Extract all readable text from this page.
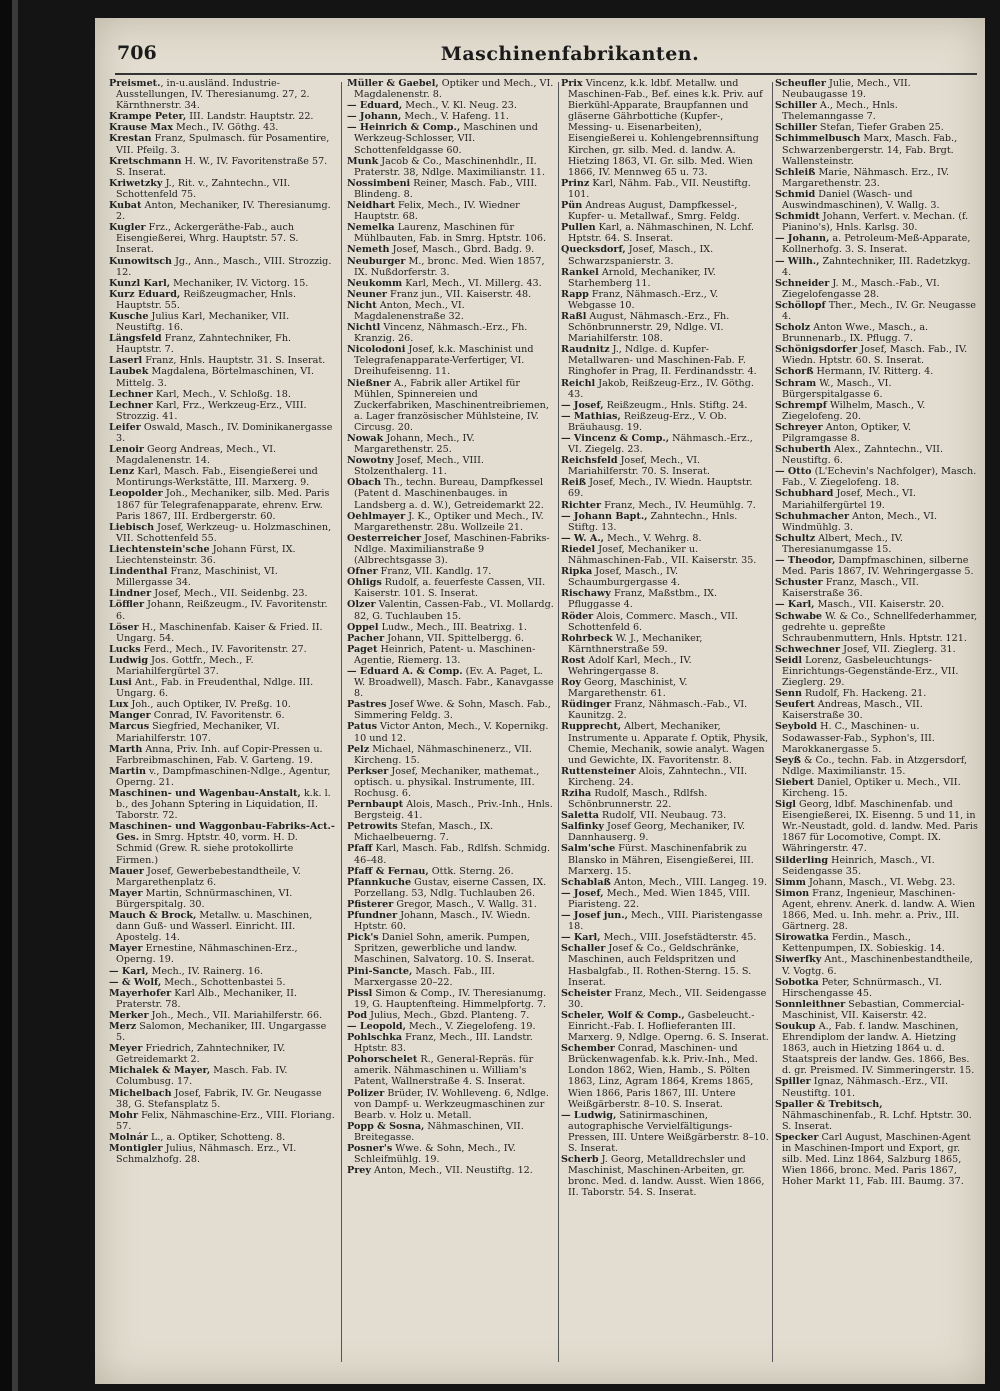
706	Maschinenfabrikanten.
Preismet., in-u.ausländ. Industrie-Ausstellungen, IV. Theresianumg. 27, 2. Kärnthnerstr. 34.
Krampe Peter, III. Landstr. Hauptstr. 22.
Krause Max Mech., IV. Göthg. 43.
Krestan Franz, Spulmasch. für Posamentire, VII. Pfeilg. 3.
Kretschmann H. W., IV. Favoritenstraße 57. S. Inserat.
Kriwetzky J., Rit. v., Zahntechn., VII. Schottenfeld 75.
Kubat Anton, Mechaniker, IV. Theresianumg. 2.
Kugler Frz., Ackergeräthe-Fab., auch Eisengießerei, Whrg. Hauptstr. 57. S. Inserat.
Kunowitsch Jg., Ann., Masch., VIII. Strozzig. 12.
Kunzl Karl, Mechaniker, IV. Victorg. 15.
Kurz Eduard, Reißzeugmacher, Hnls. Hauptstr. 55.
Kusche Julius Karl, Mechaniker, VII. Neustiftg. 16.
Längsfeld Franz, Zahntechniker, Fh. Hauptstr. 7.
Laserl Franz, Hnls. Hauptstr. 31. S. Inserat.
Laubek Magdalena, Börtelmaschinen, VI. Mittelg. 3.
Lechner Karl, Mech., V. Schloßg. 18.
Lechner Karl, Frz., Werkzeug-Erz., VIII. Strozzig. 41.
Leifer Oswald, Masch., IV. Dominikanergasse 3.
Lenoir Georg Andreas, Mech., VI. Magdalenenstr. 14.
Lenz Karl, Masch. Fab., Eisengießerei und Montirungs-Werkstätte, III. Marxerg. 9.
Leopolder Joh., Mechaniker, silb. Med. Paris 1867 für Telegrafenapparate, ehrenv. Erw. Paris 1867, III. Erdbergerstr. 60.
Liebisch Josef, Werkzeug- u. Holzmaschinen, VII. Schottenfeld 55.
Liechtenstein'sche Johann Fürst, IX. Liechtensteinstr. 36.
Lindenthal Franz, Maschinist, VI. Millergasse 34.
Lindner Josef, Mech., VII. Seidenbg. 23.
Löffler Johann, Reißzeugm., IV. Favoritenstr. 6.
Löser H., Maschinenfab. Kaiser & Fried. II. Ungarg. 54.
Lucks Ferd., Mech., IV. Favoritenstr. 27.
Ludwig Jos. Gottfr., Mech., F. Mariahilfergürtel 37.
Lusi Ant., Fab. in Freudenthal, Ndlge. III. Ungarg. 6.
Lux Joh., auch Optiker, IV. Preßg. 10.
Manger Conrad, IV. Favoritenstr. 6.
Marcus Siegfried, Mechaniker, VI. Mariahilferstr. 107.
Marth Anna, Priv. Inh. auf Copir-Pressen u. Farbreibmaschinen, Fab. V. Garteng. 19.
Martin v., Dampfmaschinen-Ndlge., Agentur, Operng. 21.
Maschinen- und Wagenbau-Anstalt, k.k. l. b., des Johann Sptering in Liquidation, II. Taborstr. 72.
Maschinen- und Waggonbau-Fabriks-Act.-Ges. in Smrg. Hptstr. 40, vorm. H. D. Schmid (Grew. R. siehe protokollirte Firmen.)
Mauer Josef, Gewerbebestandtheile, V. Margarethenplatz 6.
Mayer Martin, Schnürmaschinen, VI. Bürgerspitalg. 30.
Mauch & Brock, Metallw. u. Maschinen, dann Guß- und Wasserl. Einricht. III. Apostelg. 14.
Mayer Ernestine, Nähmaschinen-Erz., Operng. 19.
— Karl, Mech., IV. Rainerg. 16.
— & Wolf, Mech., Schottenbastei 5.
Mayerhofer Karl Alb., Mechaniker, II. Praterstr. 78.
Merker Joh., Mech., VII. Mariahilferstr. 66.
Merz Salomon, Mechaniker, III. Ungargasse 5.
Meyer Friedrich, Zahntechniker, IV. Getreidemarkt 2.
Michalek & Mayer, Masch. Fab. IV. Columbusg. 17.
Michelbach Josef, Fabrik, IV. Gr. Neugasse 38, G. Stefansplatz 5.
Mohr Felix, Nähmaschine-Erz., VIII. Floriang. 57.
Molnár L., a. Optiker, Schotteng. 8.
Montigler Julius, Nähmasch. Erz., VI. Schmalzhofg. 28.
Müller & Gaebel, Optiker und Mech., VI. Magdalenenstr. 8.
— Eduard, Mech., V. Kl. Neug. 23.
— Johann, Mech., V. Hafeng. 11.
— Heinrich & Comp., Maschinen und Werkzeug-Schlosser, VII. Schottenfeldgasse 60.
Munk Jacob & Co., Maschinenhdlr., II. Praterstr. 38, Ndlge. Maximilianstr. 11.
Nossimbeni Reiner, Masch. Fab., VIII. Blindeng. 8.
Neidhart Felix, Mech., IV. Wiedner Hauptstr. 68.
Nemelka Laurenz, Maschinen für Mühlbauten, Fab. in Smrg. Hptstr. 106.
Nemeth Josef, Masch., Gbrd. Badg. 9.
Neuburger M., bronc. Med. Wien 1857, IX. Nußdorferstr. 3.
Neukomm Karl, Mech., VI. Millerg. 43.
Neuner Franz jun., VII. Kaiserstr. 48.
Nicht Anton, Mech., VI. Magdalenenstraße 32.
Nichtl Vincenz, Nähmasch.-Erz., Fh. Kranzig. 26.
Nicolodoni Josef, k.k. Maschinist und Telegrafenapparate-Verfertiger, VI. Dreihufeisenng. 11.
Nießner A., Fabrik aller Artikel für Mühlen, Spinnereien und Zuckerfabriken, Maschinentreibriemen, a. Lager französischer Mühlsteine, IV. Circusg. 20.
Nowak Johann, Mech., IV. Margarethenstr. 25.
Nowotny Josef, Mech., VIII. Stolzenthalerg. 11.
Obach Th., techn. Bureau, Dampfkessel (Patent d. Maschinenbauges. in Landsberg a. d. W.), Getreidemarkt 22.
Oehlmayer J. K., Optiker und Mech., IV. Margarethenstr. 28u. Wollzeile 21.
Oesterreicher Josef, Maschinen-Fabriks-Ndlge. Maximilianstraße 9 (Albrechtsgasse 3).
Ofner Franz, VII. Kandlg. 17.
Ohligs Rudolf, a. feuerfeste Cassen, VII. Kaiserstr. 101. S. Inserat.
Olzer Valentin, Cassen-Fab., VI. Mollardg. 82, G. Tuchlauben 15.
Oppel Ludw., Mech., III. Beatrixg. 1.
Pacher Johann, VII. Spittelbergg. 6.
Paget Heinrich, Patent- u. Maschinen-Agentie, Riemerg. 13.
— Eduard A. & Comp. (Ev. A. Paget, L. W. Broadwell), Masch. Fabr., Kanavgasse 8.
Pastres Josef Wwe. & Sohn, Masch. Fab., Simmering Feldg. 3.
Patus Victor Anton, Mech., V. Kopernikg. 10 und 12.
Pelz Michael, Nähmaschinenerz., VII. Kircheng. 15.
Perkser Josef, Mechaniker, mathemat., optisch. u. physikal. Instrumente, III. Rochusg. 6.
Pernbaupt Alois, Masch., Priv.-Inh., Hnls. Bergsteig. 41.
Petrowits Stefan, Masch., IX. Michaelbeuerng. 7.
Pfaff Karl, Masch. Fab., Rdlfsh. Schmidg. 46–48.
Pfaff & Fernau, Ottk. Sterng. 26.
Pfannkuche Gustav, eiserne Cassen, IX. Porzellang. 53, Ndlg. Tuchlauben 26.
Pfisterer Gregor, Masch., V. Wallg. 31.
Pfundner Johann, Masch., IV. Wiedn. Hptstr. 60.
Pick's Daniel Sohn, amerik. Pumpen, Spritzen, gewerbliche und landw. Maschinen, Salvatorg. 10. S. Inserat.
Pini-Sancte, Masch. Fab., III. Marxergasse 20–22.
Pissl Simon & Comp., IV. Theresianumg. 19, G. Hauptenfteing. Himmelpfortg. 7.
Pod Julius, Mech., Gbzd. Planteng. 7.
— Leopold, Mech., V. Ziegelofeng. 19.
Pohlschka Franz, Mech., III. Landstr. Hptstr. 83.
Pohorschelet R., General-Repräs. für amerik. Nähmaschinen u. William's Patent, Wallnerstraße 4. S. Inserat.
Polizer Brüder, IV. Wohlleveng. 6, Ndlge. von Dampf- u. Werkzeugmaschinen zur Bearb. v. Holz u. Metall.
Popp & Sosna, Nähmaschinen, VII. Breitegasse.
Posner's Wwe. & Sohn, Mech., IV. Schleifmühlg. 19.
Prey Anton, Mech., VII. Neustiftg. 12.
Prix Vincenz, k.k. ldbf. Metallw. und Maschinen-Fab., Bef. eines k.k. Priv. auf Bierkühl-Apparate, Braupfannen und gläserne Gährbottiche (Kupfer-, Messing- u. Eisenarbeiten), Eisengießerei u. Kohlengebrennsiftung Kirchen, gr. silb. Med. d. landw. A. Hietzing 1863, VI. Gr. silb. Med. Wien 1866, IV. Mennweg 65 u. 73.
Prinz Karl, Nähm. Fab., VII. Neustiftg. 101.
Pün Andreas August, Dampfkessel-, Kupfer- u. Metallwaf., Smrg. Feldg.
Pullen Karl, a. Nähmaschinen, N. Lchf. Hptstr. 64. S. Inserat.
Quecksdorf, Josef, Masch., IX. Schwarzspanierstr. 3.
Rankel Arnold, Mechaniker, IV. Starhemberg 11.
Rapp Franz, Nähmasch.-Erz., V. Webgasse 10.
Raßl August, Nähmasch.-Erz., Fh. Schönbrunnerstr. 29, Ndlge. VI. Mariahilferstr. 108.
Raudnitz J., Ndlge. d. Kupfer-Metallwaren- und Maschinen-Fab. F. Ringhofer in Prag, II. Ferdinandsstr. 4.
Reichl Jakob, Reißzeug-Erz., IV. Göthg. 43.
— Josef, Reißzeugm., Hnls. Stiftg. 24.
— Mathias, Reißzeug-Erz., V. Ob. Bräuhausg. 19.
— Vincenz & Comp., Nähmasch.-Erz., VI. Ziegelg. 23.
Reichsfeld Josef, Mech., VI. Mariahilferstr. 70. S. Inserat.
Reiß Josef, Mech., IV. Wiedn. Hauptstr. 69.
Richter Franz, Mech., IV. Heumühlg. 7.
— Johann Bapt., Zahntechn., Hnls. Stiftg. 13.
— W. A., Mech., V. Wehrg. 8.
Riedel Josef, Mechaniker u. Nähmaschinen-Fab., VII. Kaiserstr. 35.
Ripka Josef, Masch., IV. Schaumburgergasse 4.
Rischawy Franz, Maßstbm., IX. Pfluggasse 4.
Röder Alois, Commerc. Masch., VII. Schottenfeld 6.
Rohrbeck W. J., Mechaniker, Kärnthnerstraße 59.
Rost Adolf Karl, Mech., IV. Wehringergasse 8.
Roy Georg, Maschinist, V. Margarethenstr. 61.
Rüdinger Franz, Nähmasch.-Fab., VI. Kaunitzg. 2.
Rupprecht, Albert, Mechaniker, Instrumente u. Apparate f. Optik, Physik, Chemie, Mechanik, sowie analyt. Wagen und Gewichte, IX. Favoritenstr. 8.
Ruttensteiner Alois, Zahntechn., VII. Kircheng. 24.
Rziha Rudolf, Masch., Rdlfsh. Schönbrunnerstr. 22.
Saletta Rudolf, VII. Neubaug. 73.
Salfinky Josef Georg, Mechaniker, IV. Dannhauserg. 9.
Salm'sche Fürst. Maschinenfabrik zu Blansko in Mähren, Eisengießerei, III. Marxerg. 15.
Schablaß Anton, Mech., VIII. Langeg. 19.
— Josef, Mech., Med. Wien 1845, VIII. Piaristeng. 22.
— Josef jun., Mech., VIII. Piaristengasse 18.
— Karl, Mech., VIII. Josefstädterstr. 45.
Schaller Josef & Co., Geldschränke, Maschinen, auch Feldspritzen und Hasbalgfab., II. Rothen-Sterng. 15. S. Inserat.
Scheister Franz, Mech., VII. Seidengasse 30.
Scheler, Wolf & Comp., Gasbeleucht.-Einricht.-Fab. I. Hoflieferanten III. Marxerg. 9, Ndlge. Operng. 6. S. Inserat.
Schember Conrad, Maschinen- und Brückenwagenfab. k.k. Priv.-Inh., Med. London 1862, Wien, Hamb., S. Pölten 1863, Linz, Agram 1864, Krems 1865, Wien 1866, Paris 1867, III. Untere Weißgärberstr. 8–10. S. Inserat.
— Ludwig, Satinirmaschinen, autographische Vervielfältigungs-Pressen, III. Untere Weißgärberstr. 8–10. S. Inserat.
Scherb J. Georg, Metalldrechsler und Maschinist, Maschinen-Arbeiten, gr. bronc. Med. d. landw. Ausst. Wien 1866, II. Taborstr. 54. S. Inserat.
Scheufler Julie, Mech., VII. Neubaugasse 19.
Schiller A., Mech., Hnls. Thelemanngasse 7.
Schiller Stefan, Tiefer Graben 25.
Schimmelbusch Marx, Masch. Fab., Schwarzenbergerstr. 14, Fab. Brgt. Wallensteinstr.
Schleiß Marie, Nähmasch. Erz., IV. Margarethenstr. 23.
Schmid Daniel (Wasch- und Auswindmaschinen), V. Wallg. 3.
Schmidt Johann, Verfert. v. Mechan. (f. Pianino's), Hnls. Karlsg. 30.
— Johann, a. Petroleum-Meß-Apparate, Kollnerhofg. 3. S. Inserat.
— Wilh., Zahntechniker, III. Radetzkyg. 4.
Schneider J. M., Masch.-Fab., VI. Ziegelofengasse 28.
Schöllopf Ther., Mech., IV. Gr. Neugasse 4.
Scholz Anton Wwe., Masch., a. Brunnenarb., IX. Pflugg. 7.
Schönigsdorfer Josef, Masch. Fab., IV. Wiedn. Hptstr. 60. S. Inserat.
Schorß Hermann, IV. Ritterg. 4.
Schram W., Masch., VI. Bürgerspitalgasse 6.
Schrempf Wilhelm, Masch., V. Ziegelofeng. 20.
Schreyer Anton, Optiker, V. Pilgramgasse 8.
Schuberth Alex., Zahntechn., VII. Neustiftg. 6.
— Otto (L'Echevin's Nachfolger), Masch. Fab., V. Ziegelofeng. 18.
Schubhard Josef, Mech., VI. Mariahilfergürtel 19.
Schuhmacher Anton, Mech., VI. Windmühlg. 3.
Schultz Albert, Mech., IV. Theresianumgasse 15.
— Theodor, Dampfmaschinen, silberne Med. Paris 1867, IV. Wehringergasse 5.
Schuster Franz, Masch., VII. Kaiserstraße 36.
— Karl, Masch., VII. Kaiserstr. 20.
Schwabe W. & Co., Schnellfederhammer, gedrehte u. gepreßte Schraubenmuttern, Hnls. Hptstr. 121.
Schwechner Josef, VII. Zieglerg. 31.
Seidl Lorenz, Gasbeleuchtungs-Einrichtungs-Gegenstände-Erz., VII. Zieglerg. 29.
Senn Rudolf, Fh. Hackeng. 21.
Seufert Andreas, Masch., VII. Kaiserstraße 30.
Seybold H. C., Maschinen- u. Sodawasser-Fab., Syphon's, III. Marokkanergasse 5.
Seyß & Co., techn. Fab. in Atzgersdorf, Ndlge. Maximilianstr. 15.
Siebert Daniel, Optiker u. Mech., VII. Kircheng. 15.
Sigl Georg, ldbf. Maschinenfab. und Eisengießerei, IX. Eisenng. 5 und 11, in Wr.-Neustadt, gold. d. landw. Med. Paris 1867 für Locomotive, Compt. IX. Währingerstr. 47.
Silderling Heinrich, Masch., VI. Seidengasse 35.
Simm Johann, Masch., VI. Webg. 23.
Simon Franz, Ingenieur, Maschinen-Agent, ehrenv. Anerk. d. landw. A. Wien 1866, Med. u. Inh. mehr. a. Priv., III. Gärtnerg. 28.
Sirowatka Ferdin., Masch., Kettenpumpen, IX. Sobieskig. 14.
Siwerfky Ant., Maschinenbestandtheile, V. Vogtg. 6.
Sobotka Peter, Schnürmasch., VI. Hirschengasse 45.
Sonnleithner Sebastian, Commercial-Maschinist, VII. Kaiserstr. 42.
Soukup A., Fab. f. landw. Maschinen, Ehrendiplom der landw. A. Hietzing 1863, auch in Hietzing 1864 u. d. Staatspreis der landw. Ges. 1866, Bes. d. gr. Preismed. IV. Simmeringerstr. 15.
Spiller Ignaz, Nähmasch.-Erz., VII. Neustiftg. 101.
Spaller & Trebitsch, Nähmaschinenfab., R. Lchf. Hptstr. 30. S. Inserat.
Specker Carl August, Maschinen-Agent in Maschinen-Import und Export, gr. silb. Med. Linz 1864, Salzburg 1865, Wien 1866, bronc. Med. Paris 1867, Hoher Markt 11, Fab. III. Baumg. 37.
